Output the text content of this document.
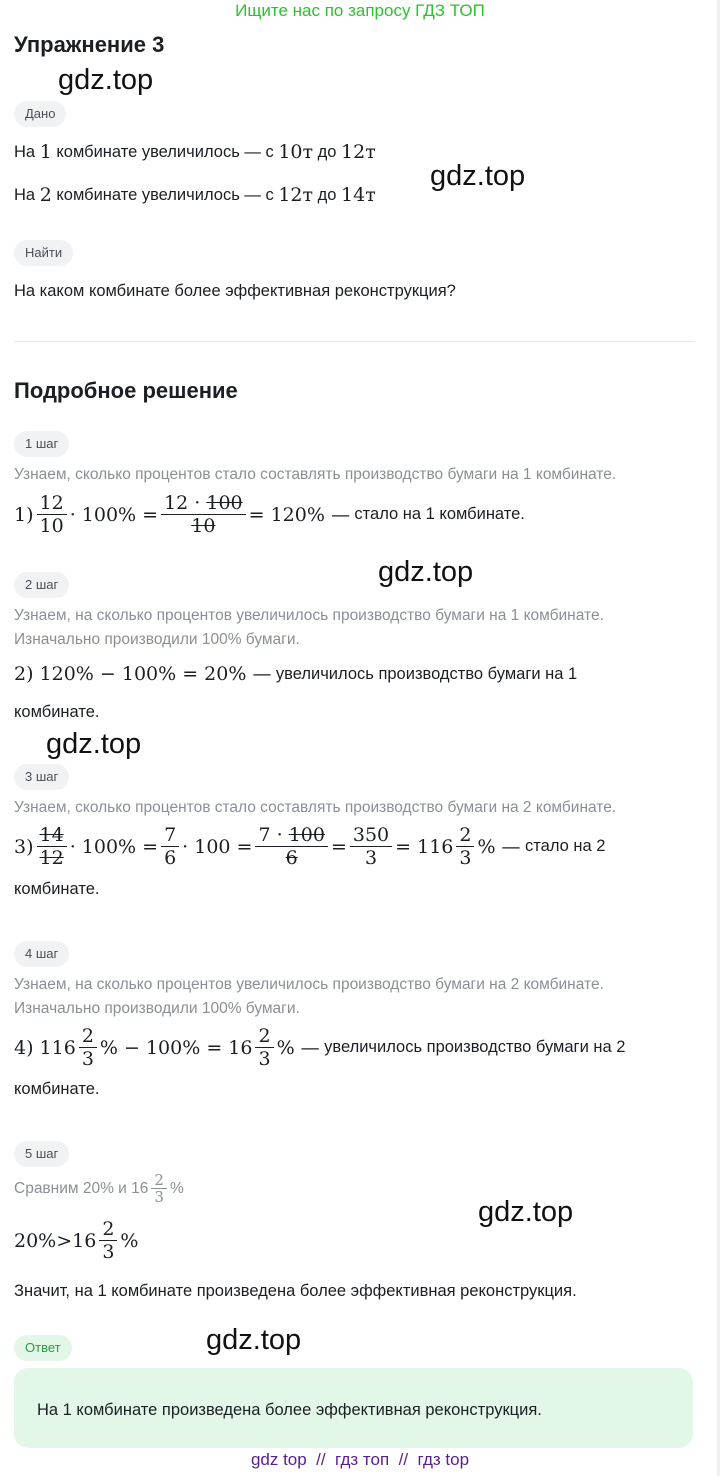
Ищите нас по запросу ГДЗ ТОП
Упражнение 3
gdz.top
gdz.top
gdz.top
gdz.top
gdz.top
gdz.top
Дано
На
1
комбинате увеличилось — с
10т
до
12т
На
2
комбинате увеличилось — с
12т
до
14т
Найти
На каком комбинате более эффективная реконструкция?
Подробное решение
1 шаг
Узнаем, сколько процентов стало составлять производство бумаги на 1 комбинате.
$1) \frac{12}{10} \cdot 100\% = \frac{12 \cdot 100}{10} = 120\%$ —
стало на 1 комбинате.
2 шаг
Узнаем, на сколько процентов увеличилось производство бумаги на 1 комбинате.
Изначально производили 100% бумаги.
2) 120% − 100% = 20% —
увеличилось производство бумаги на 1
комбинате.
3 шаг
Узнаем, сколько процентов стало составлять производство бумаги на 2 комбинате.
$3) \frac{14}{12} \cdot 100\% = \frac{7}{6} \cdot 100 = \frac{7 \cdot 100}{6} = \frac{350}{3} = 116 \frac{2}{3}$ % —
стало на 2
комбинате.
4 шаг
Узнаем, на сколько процентов увеличилось производство бумаги на 2 комбинате.
Изначально производили 100% бумаги.
4) $116 \frac{2}{3}$ % − $100\% = 16 \frac{2}{3}$ % —
увеличилось производство бумаги на 2
комбинате.
5 шаг
Сравним 20% и $16 \frac{2}{3}$ %
$20\%>16 \frac{2}{3}$ %
Значит, на 1 комбинате произведена более эффективная реконструкция.
Ответ
На 1 комбинате произведена более эффективная реконструкция.
gdz top  //  гдз топ  //  гдз top
